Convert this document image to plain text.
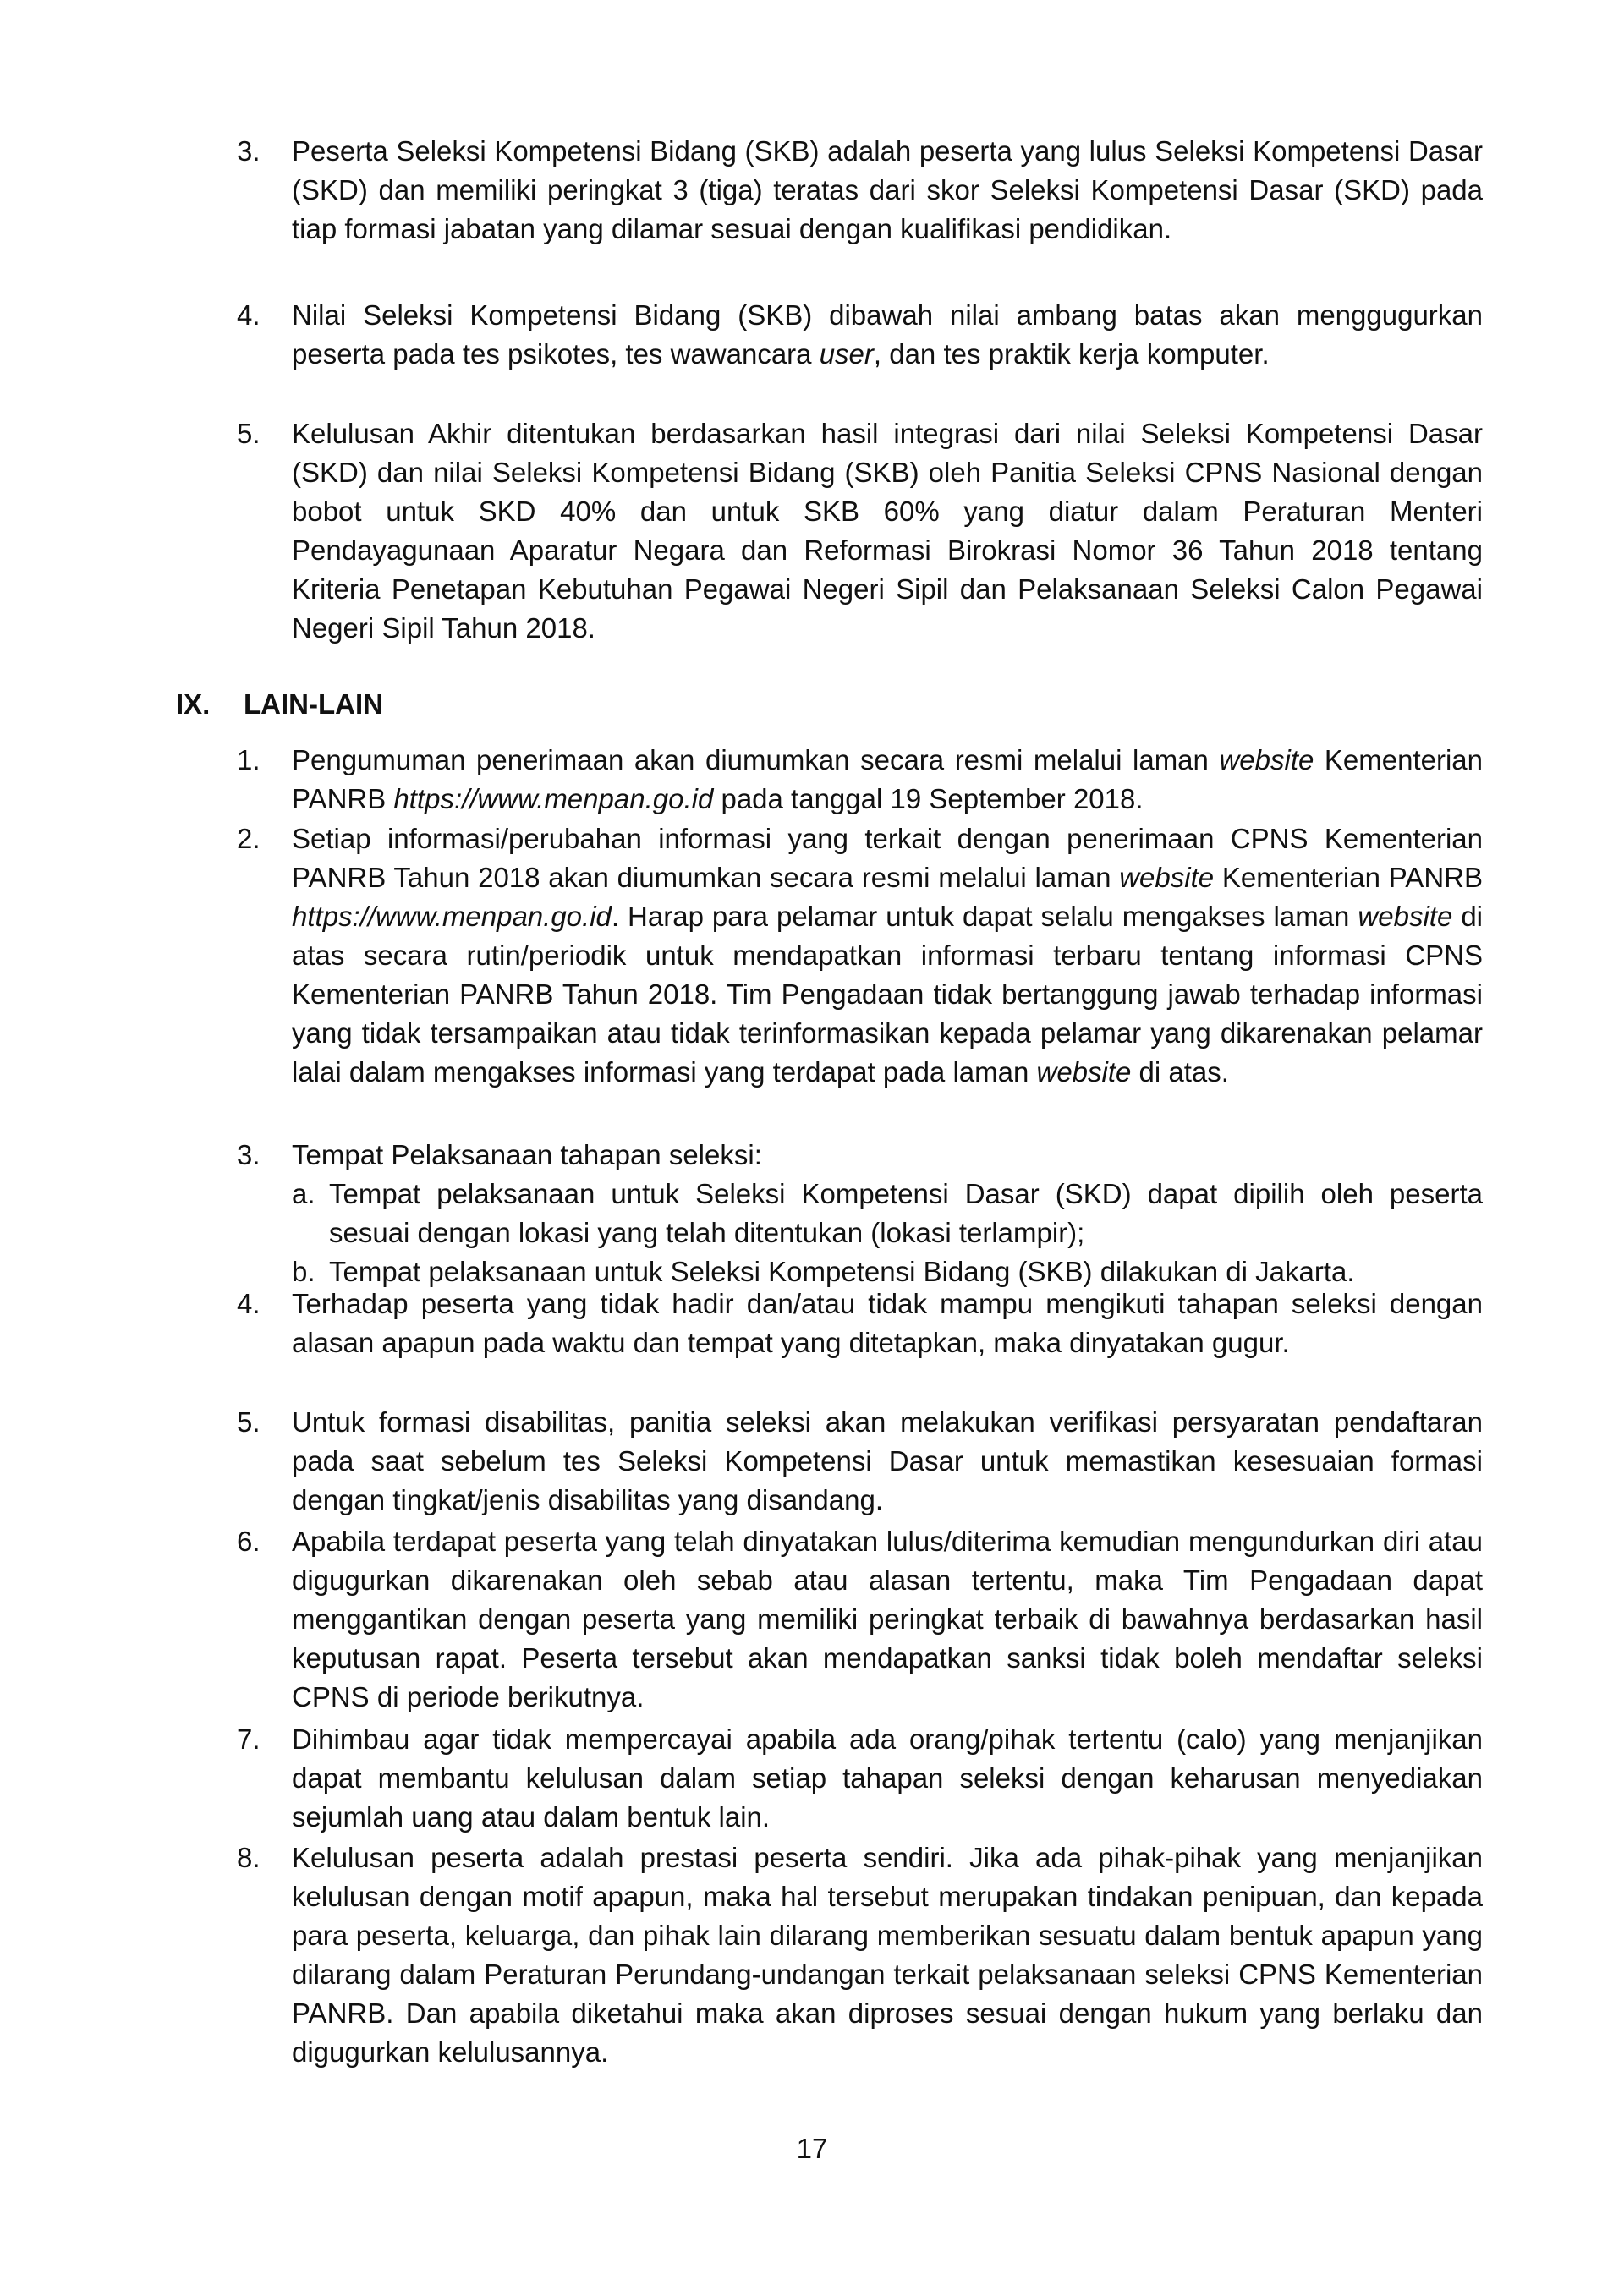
3.	Peserta Seleksi Kompetensi Bidang (SKB) adalah peserta yang lulus Seleksi Kompetensi Dasar (SKD) dan memiliki peringkat 3 (tiga) teratas dari skor Seleksi Kompetensi Dasar (SKD) pada tiap formasi jabatan yang dilamar sesuai dengan kualifikasi pendidikan.

4.	Nilai Seleksi Kompetensi Bidang (SKB) dibawah nilai ambang batas akan menggugurkan peserta pada tes psikotes, tes wawancara user, dan tes praktik kerja komputer.

5.	Kelulusan Akhir ditentukan berdasarkan hasil integrasi dari nilai Seleksi Kompetensi Dasar (SKD) dan nilai Seleksi Kompetensi Bidang (SKB) oleh Panitia Seleksi CPNS Nasional dengan bobot untuk SKD 40% dan untuk SKB 60% yang diatur dalam Peraturan Menteri Pendayagunaan Aparatur Negara dan Reformasi Birokrasi Nomor 36 Tahun 2018 tentang Kriteria Penetapan Kebutuhan Pegawai Negeri Sipil dan Pelaksanaan Seleksi Calon Pegawai Negeri Sipil Tahun 2018.

IX. LAIN-LAIN
1.	Pengumuman penerimaan akan diumumkan secara resmi melalui laman website Kementerian PANRB https://www.menpan.go.id pada tanggal 19 September 2018.

2.	Setiap informasi/perubahan informasi yang terkait dengan penerimaan CPNS Kementerian PANRB Tahun 2018 akan diumumkan secara resmi melalui laman website Kementerian PANRB https://www.menpan.go.id. Harap para pelamar untuk dapat selalu mengakses laman website di atas secara rutin/periodik untuk mendapatkan informasi terbaru tentang informasi CPNS Kementerian PANRB Tahun 2018. Tim Pengadaan tidak bertanggung jawab terhadap informasi yang tidak tersampaikan atau tidak terinformasikan kepada pelamar yang dikarenakan pelamar lalai dalam mengakses informasi yang terdapat pada laman website di atas.

3.	Tempat Pelaksanaan tahapan seleksi:

a. Tempat pelaksanaan untuk Seleksi Kompetensi Dasar (SKD) dapat dipilih oleh peserta sesuai dengan lokasi yang telah ditentukan (lokasi terlampir);

b. Tempat pelaksanaan untuk Seleksi Kompetensi Bidang (SKB) dilakukan di Jakarta.

4.	Terhadap peserta yang tidak hadir dan/atau tidak mampu mengikuti tahapan seleksi dengan alasan apapun pada waktu dan tempat yang ditetapkan, maka dinyatakan gugur.

5.	Untuk formasi disabilitas, panitia seleksi akan melakukan verifikasi persyaratan pendaftaran pada saat sebelum tes Seleksi Kompetensi Dasar untuk memastikan kesesuaian formasi dengan tingkat/jenis disabilitas yang disandang.

6.	Apabila terdapat peserta yang telah dinyatakan lulus/diterima kemudian mengundurkan diri atau digugurkan dikarenakan oleh sebab atau alasan tertentu, maka Tim Pengadaan dapat menggantikan dengan peserta yang memiliki peringkat terbaik di bawahnya berdasarkan hasil keputusan rapat. Peserta tersebut akan mendapatkan sanksi tidak boleh mendaftar seleksi CPNS di periode berikutnya.

7.	Dihimbau agar tidak mempercayai apabila ada orang/pihak tertentu (calo) yang menjanjikan dapat membantu kelulusan dalam setiap tahapan seleksi dengan keharusan menyediakan sejumlah uang atau dalam bentuk lain.

8.	Kelulusan peserta adalah prestasi peserta sendiri. Jika ada pihak-pihak yang menjanjikan kelulusan dengan motif apapun, maka hal tersebut merupakan tindakan penipuan, dan kepada para peserta, keluarga, dan pihak lain dilarang memberikan sesuatu dalam bentuk apapun yang dilarang dalam Peraturan Perundang-undangan terkait pelaksanaan seleksi CPNS Kementerian PANRB. Dan apabila diketahui maka akan diproses sesuai dengan hukum yang berlaku dan digugurkan kelulusannya.

17
